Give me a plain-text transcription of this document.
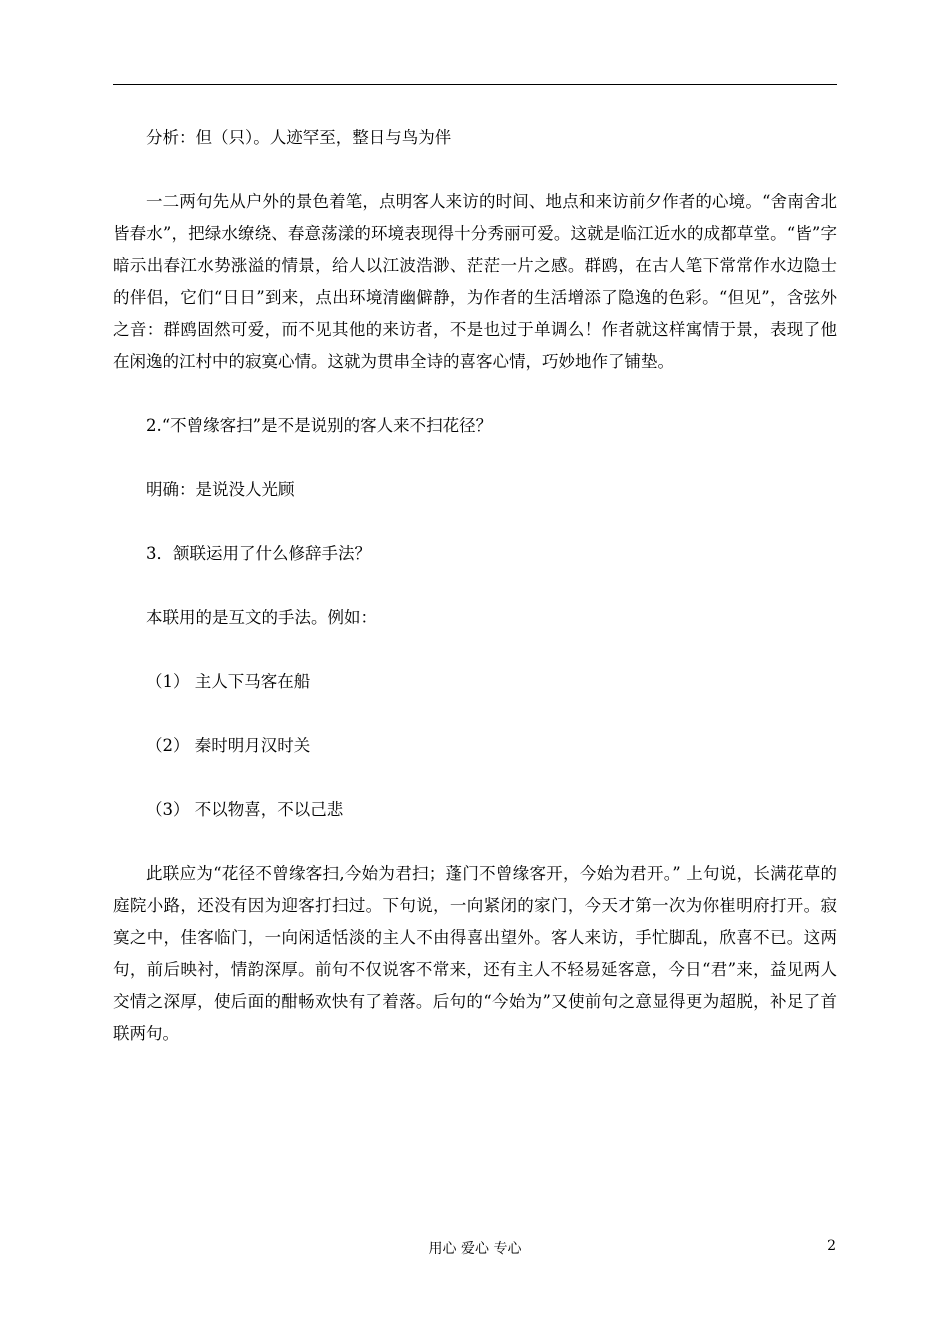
分析：但（只）。人迹罕至，整日与鸟为伴

一二两句先从户外的景色着笔，点明客人来访的时间、地点和来访前夕作者的心境。“舍南舍北皆春水”，把绿水缭绕、春意荡漾的环境表现得十分秀丽可爱。这就是临江近水的成都草堂。“皆”字暗示出春江水势涨溢的情景，给人以江波浩渺、茫茫一片之感。群鸥，在古人笔下常常作水边隐士的伴侣，它们“日日”到来，点出环境清幽僻静，为作者的生活增添了隐逸的色彩。“但见”，含弦外之音：群鸥固然可爱，而不见其他的来访者，不是也过于单调么！作者就这样寓情于景，表现了他在闲逸的江村中的寂寞心情。这就为贯串全诗的喜客心情，巧妙地作了铺垫。

2.“不曾缘客扫”是不是说别的客人来不扫花径？

明确：是说没人光顾

3．颔联运用了什么修辞手法？

本联用的是互文的手法。例如：

（1） 主人下马客在船

（2） 秦时明月汉时关

（3） 不以物喜，不以己悲

此联应为“花径不曾缘客扫,今始为君扫；蓬门不曾缘客开，今始为君开。” 上句说，长满花草的庭院小路，还没有因为迎客打扫过。下句说，一向紧闭的家门，今天才第一次为你崔明府打开。寂寞之中，佳客临门，一向闲适恬淡的主人不由得喜出望外。客人来访，手忙脚乱，欣喜不已。这两句，前后映衬，情韵深厚。前句不仅说客不常来，还有主人不轻易延客意，今日“君”来，益见两人交情之深厚，使后面的酣畅欢快有了着落。后句的“今始为”又使前句之意显得更为超脱，补足了首联两句。

用心 爱心 专心	2
